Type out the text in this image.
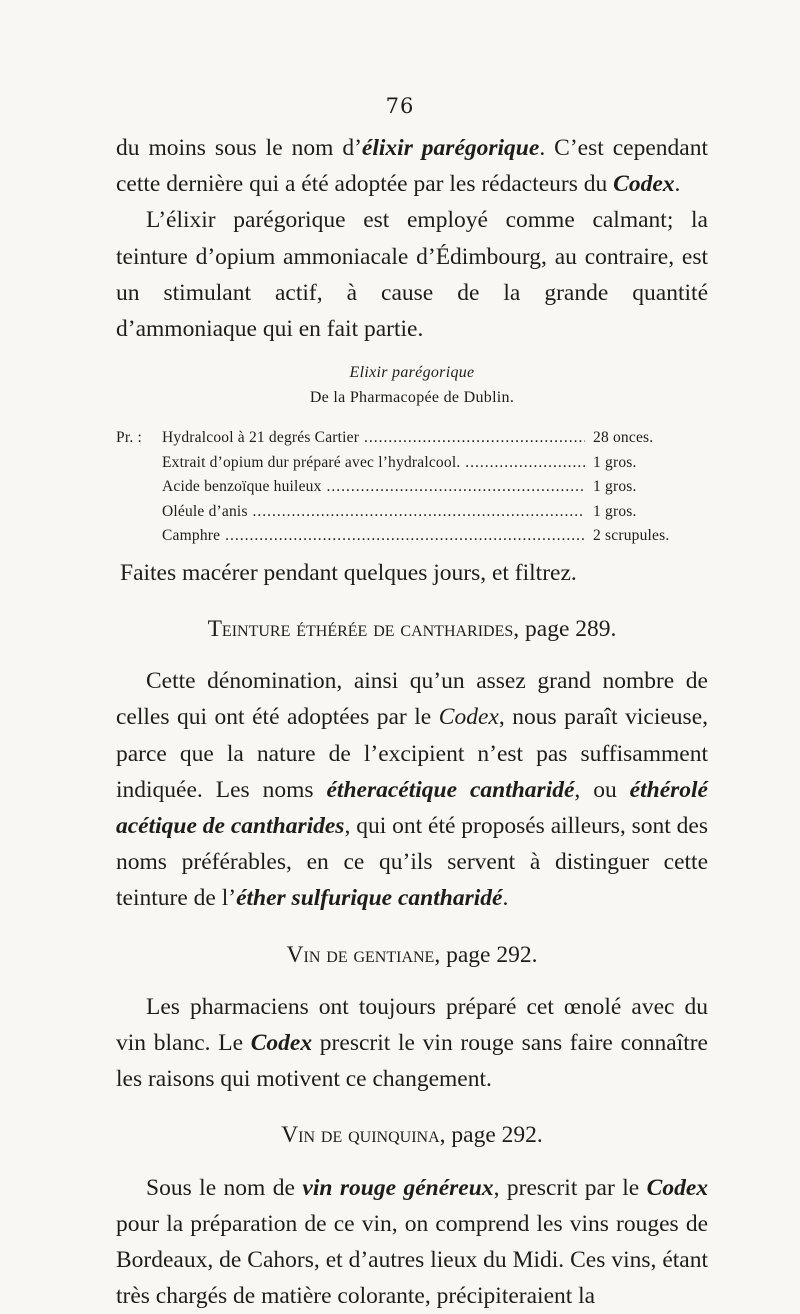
76

du moins sous le nom d’élixir parégorique. C’est cependant cette dernière qui a été adoptée par les rédacteurs du Codex.

L’élixir parégorique est employé comme calmant; la teinture d’opium ammoniacale d’Édimbourg, au contraire, est un stimulant actif, à cause de la grande quantité d’ammoniaque qui en fait partie.

Elixir parégorique
De la Pharmacopée de Dublin.
Pr. :	Hydralcool à 21 degrés Cartier .....	28 onces.
Extrait d’opium dur préparé avec l’hydralcool. .....	1 gros.
Acide benzoïque huileux .....	1 gros.
Oléule d’anis .....	1 gros.
Camphre .....	2 scrupules.

Faites macérer pendant quelques jours, et filtrez.

Teinture éthérée de cantharides, page 289.

Cette dénomination, ainsi qu’un assez grand nombre de celles qui ont été adoptées par le Codex, nous paraît vicieuse, parce que la nature de l’excipient n’est pas suffisamment indiquée. Les noms étheracétique cantharidé, ou éthérolé acétique de cantharides, qui ont été proposés ailleurs, sont des noms préférables, en ce qu’ils servent à distinguer cette teinture de l’éther sulfurique cantharidé.

Vin de gentiane, page 292.

Les pharmaciens ont toujours préparé cet œnolé avec du vin blanc. Le Codex prescrit le vin rouge sans faire connaître les raisons qui motivent ce changement.

Vin de quinquina, page 292.

Sous le nom de vin rouge généreux, prescrit par le Codex pour la préparation de ce vin, on comprend les vins rouges de Bordeaux, de Cahors, et d’autres lieux du Midi. Ces vins, étant très chargés de matière colorante, précipiteraient la
